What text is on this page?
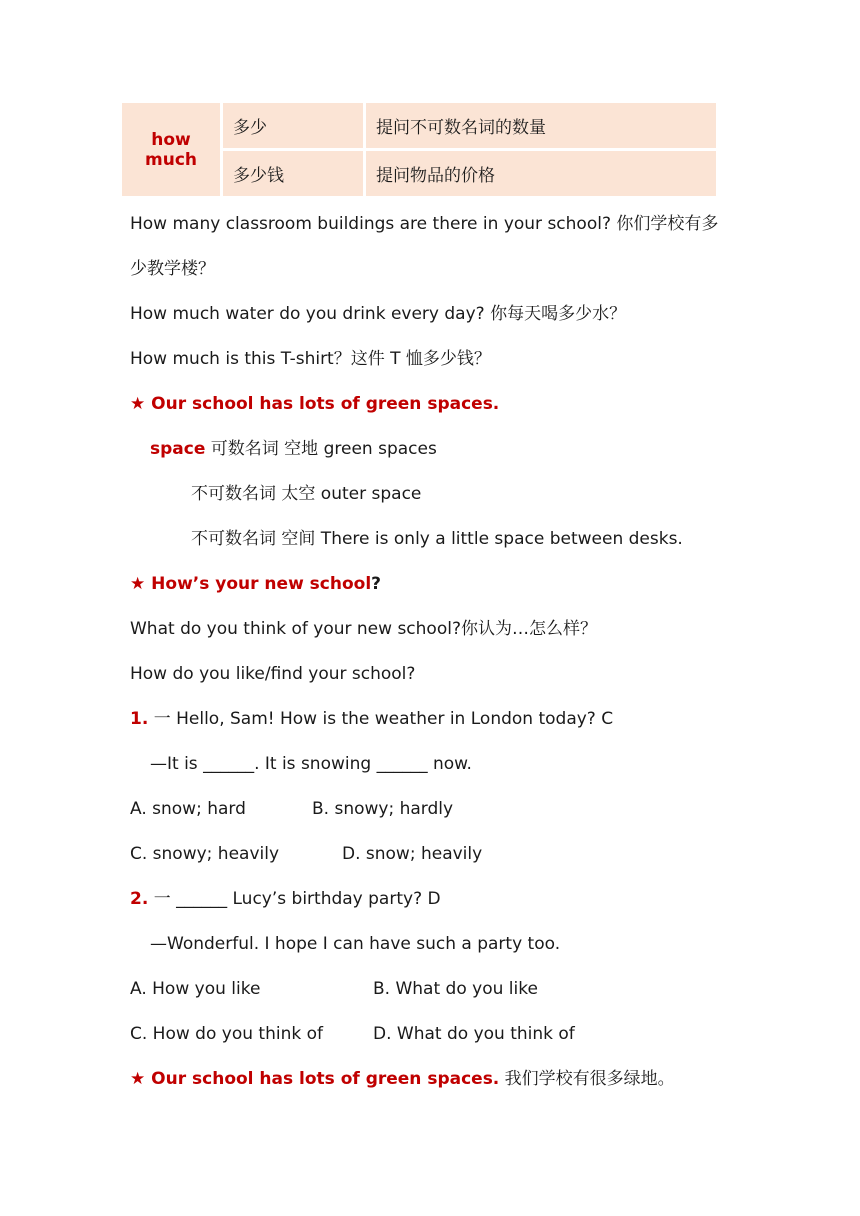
how much	多少	提问不可数名词的数量
	多少钱	提问物品的价格
How many classroom buildings are there in your school? 你们学校有多
少教学楼？
How much water do you drink every day? 你每天喝多少水？
How much is this T-shirt？这件 T 恤多少钱？
★ Our school has lots of green spaces.
space 可数名词 空地 green spaces
不可数名词 太空 outer space
不可数名词 空间 There is only a little space between desks.
★ How’s your new school?
What do you think of your new school?你认为…怎么样？
How do you like/find your school?
1. 一 Hello, Sam! How is the weather in London today? C
—It is ______. It is snowing ______ now.
A. snow; hard	B. snowy; hardly
C. snowy; heavily	D. snow; heavily
2. 一 ______ Lucy’s birthday party? D
—Wonderful. I hope I can have such a party too.
A. How you like	B. What do you like
C. How do you think of	D. What do you think of
★ Our school has lots of green spaces. 我们学校有很多绿地。
